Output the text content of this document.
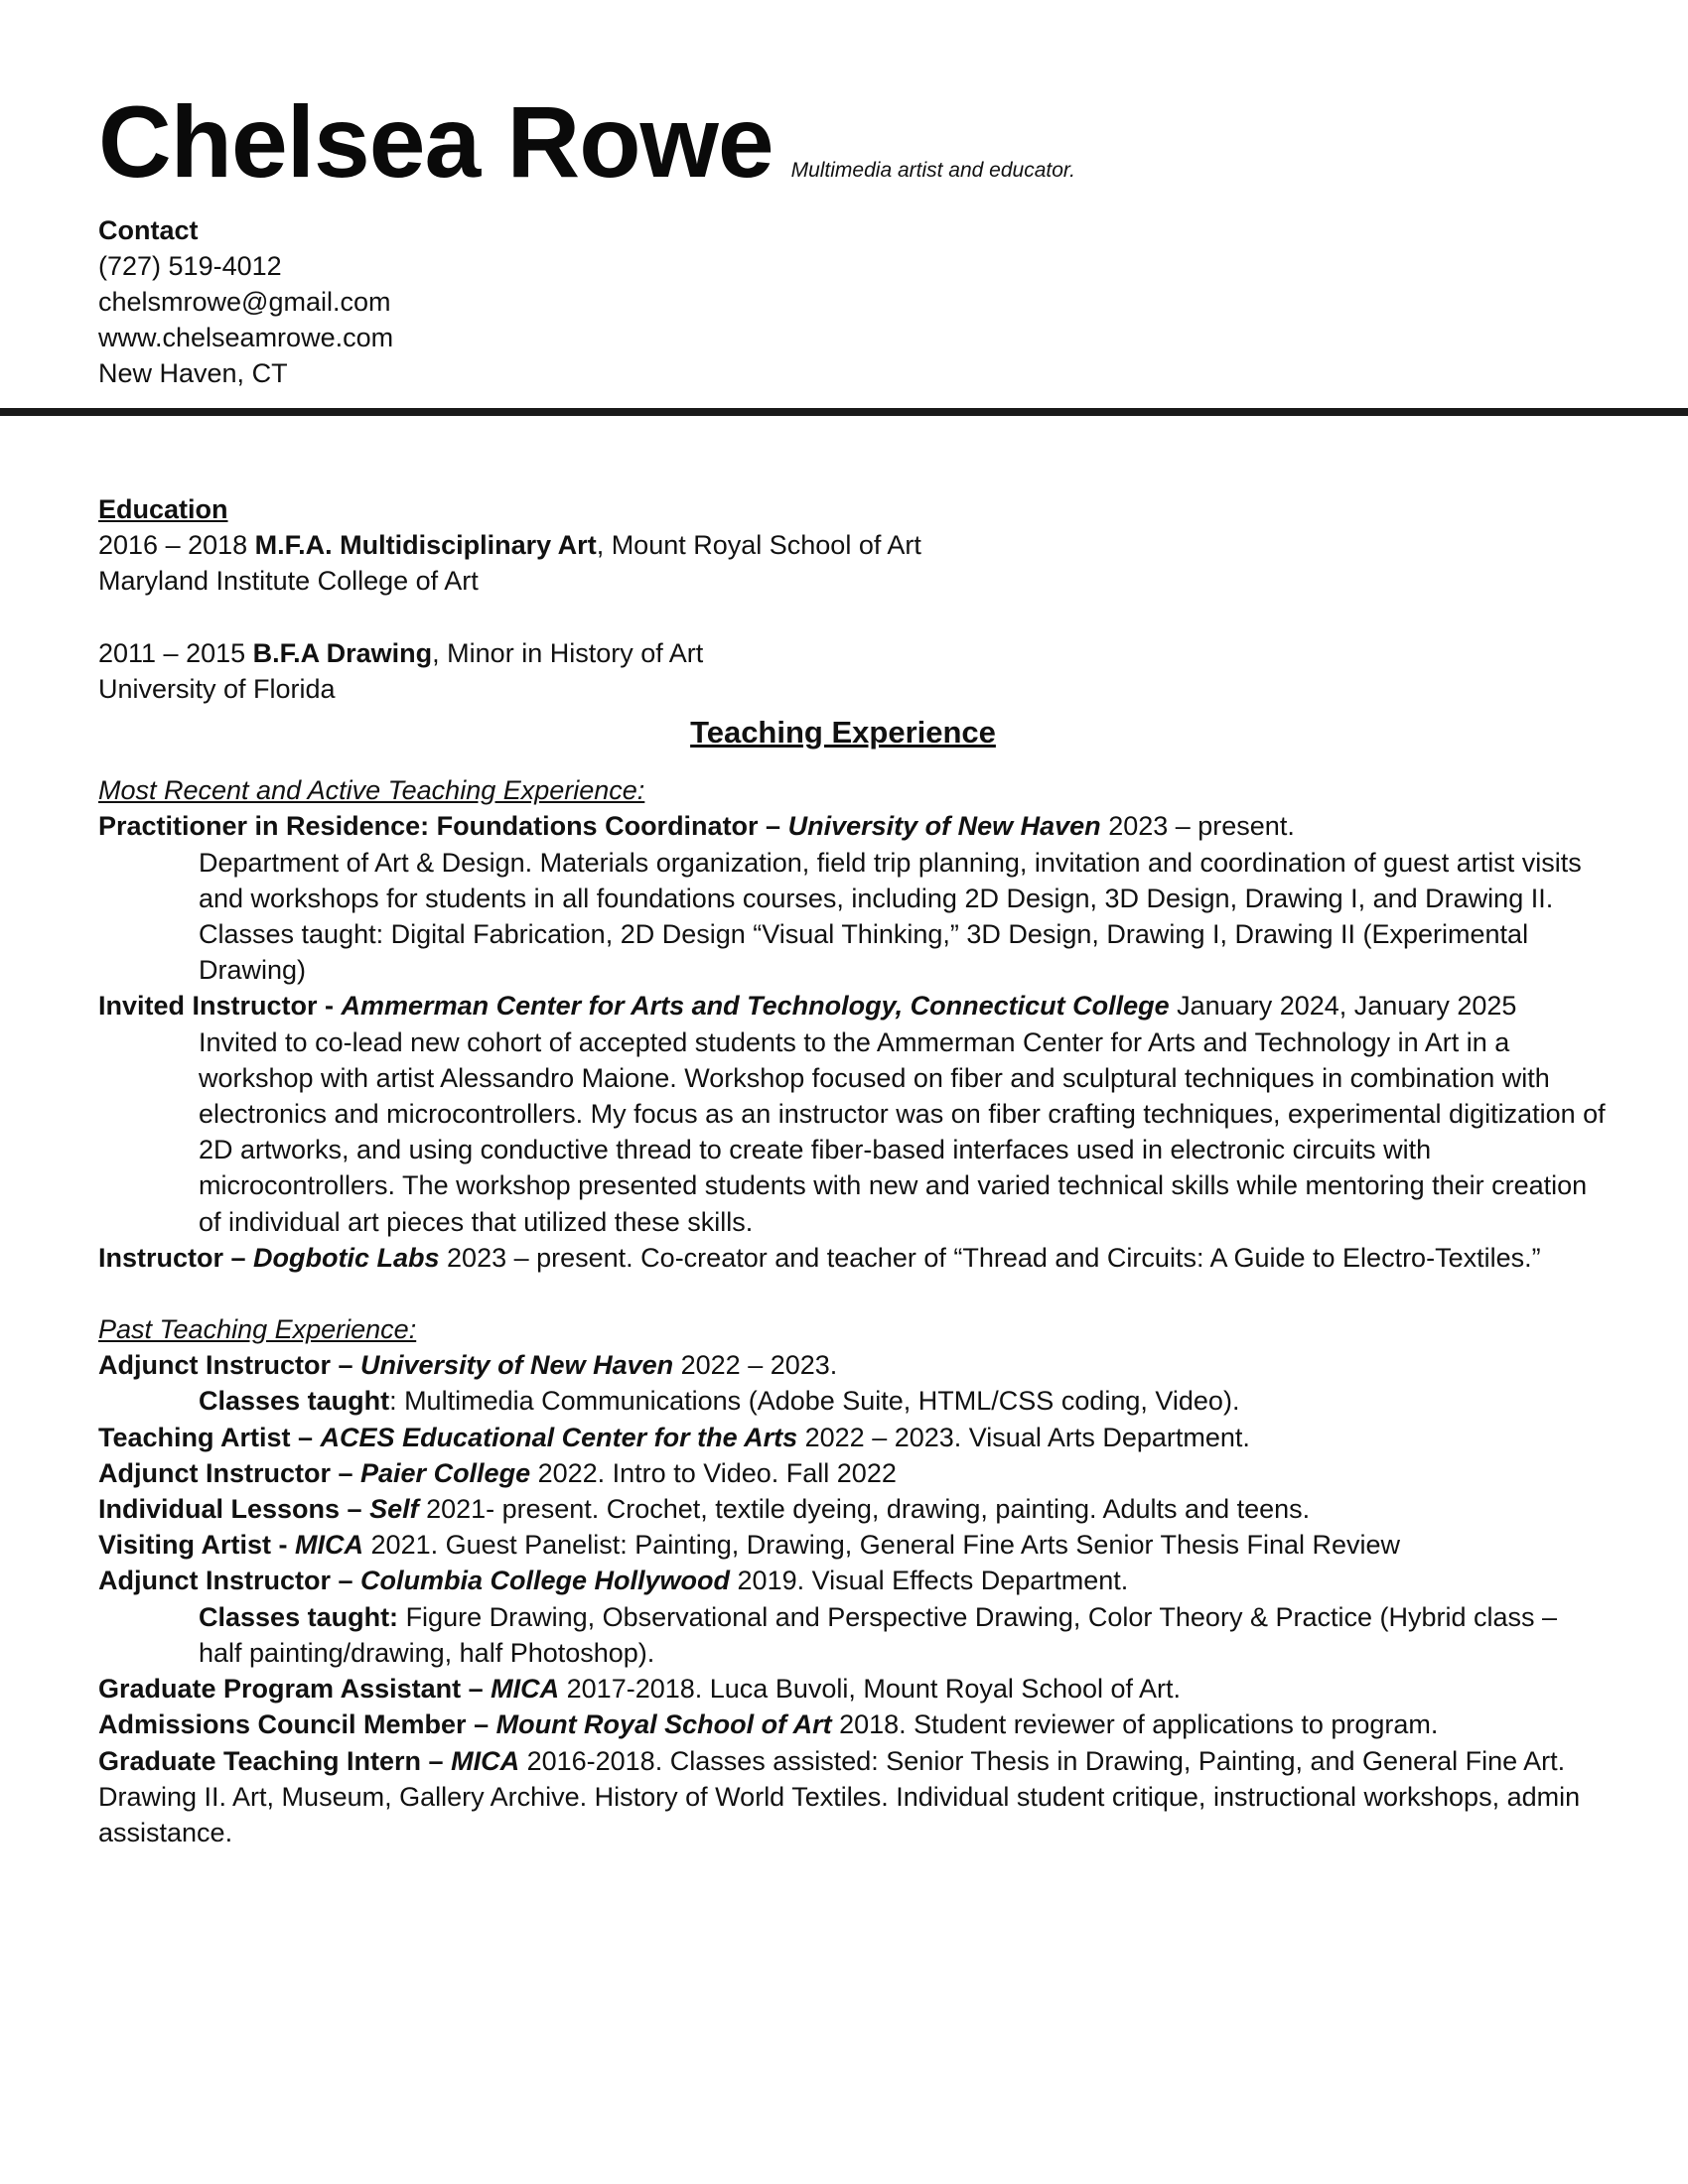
Chelsea Rowe Multimedia artist and educator.
Contact
(727) 519-4012
chelsmrowe@gmail.com
www.chelseamrowe.com
New Haven, CT
Education
2016 – 2018 M.F.A. Multidisciplinary Art, Mount Royal School of Art
Maryland Institute College of Art
2011 – 2015 B.F.A Drawing, Minor in History of Art
University of Florida
Teaching Experience
Most Recent and Active Teaching Experience:
Practitioner in Residence: Foundations Coordinator – University of New Haven 2023 – present.
Department of Art & Design. Materials organization, field trip planning, invitation and coordination of guest artist visits and workshops for students in all foundations courses, including 2D Design, 3D Design, Drawing I, and Drawing II.
Classes taught: Digital Fabrication, 2D Design “Visual Thinking,” 3D Design, Drawing I, Drawing II (Experimental Drawing)
Invited Instructor - Ammerman Center for Arts and Technology, Connecticut College January 2024, January 2025
Invited to co-lead new cohort of accepted students to the Ammerman Center for Arts and Technology in Art in a workshop with artist Alessandro Maione. Workshop focused on fiber and sculptural techniques in combination with electronics and microcontrollers. My focus as an instructor was on fiber crafting techniques, experimental digitization of 2D artworks, and using conductive thread to create fiber-based interfaces used in electronic circuits with microcontrollers. The workshop presented students with new and varied technical skills while mentoring their creation of individual art pieces that utilized these skills.
Instructor – Dogbotic Labs 2023 – present. Co-creator and teacher of “Thread and Circuits: A Guide to Electro-Textiles.”
Past Teaching Experience:
Adjunct Instructor – University of New Haven 2022 – 2023.
Classes taught: Multimedia Communications (Adobe Suite, HTML/CSS coding, Video).
Teaching Artist – ACES Educational Center for the Arts 2022 – 2023. Visual Arts Department.
Adjunct Instructor – Paier College 2022. Intro to Video. Fall 2022
Individual Lessons – Self 2021- present. Crochet, textile dyeing, drawing, painting. Adults and teens.
Visiting Artist - MICA 2021. Guest Panelist: Painting, Drawing, General Fine Arts Senior Thesis Final Review
Adjunct Instructor – Columbia College Hollywood 2019. Visual Effects Department.
Classes taught: Figure Drawing, Observational and Perspective Drawing, Color Theory & Practice (Hybrid class – half painting/drawing, half Photoshop).
Graduate Program Assistant – MICA 2017-2018. Luca Buvoli, Mount Royal School of Art.
Admissions Council Member – Mount Royal School of Art 2018. Student reviewer of applications to program.
Graduate Teaching Intern – MICA 2016-2018. Classes assisted: Senior Thesis in Drawing, Painting, and General Fine Art. Drawing II. Art, Museum, Gallery Archive. History of World Textiles. Individual student critique, instructional workshops, admin assistance.
